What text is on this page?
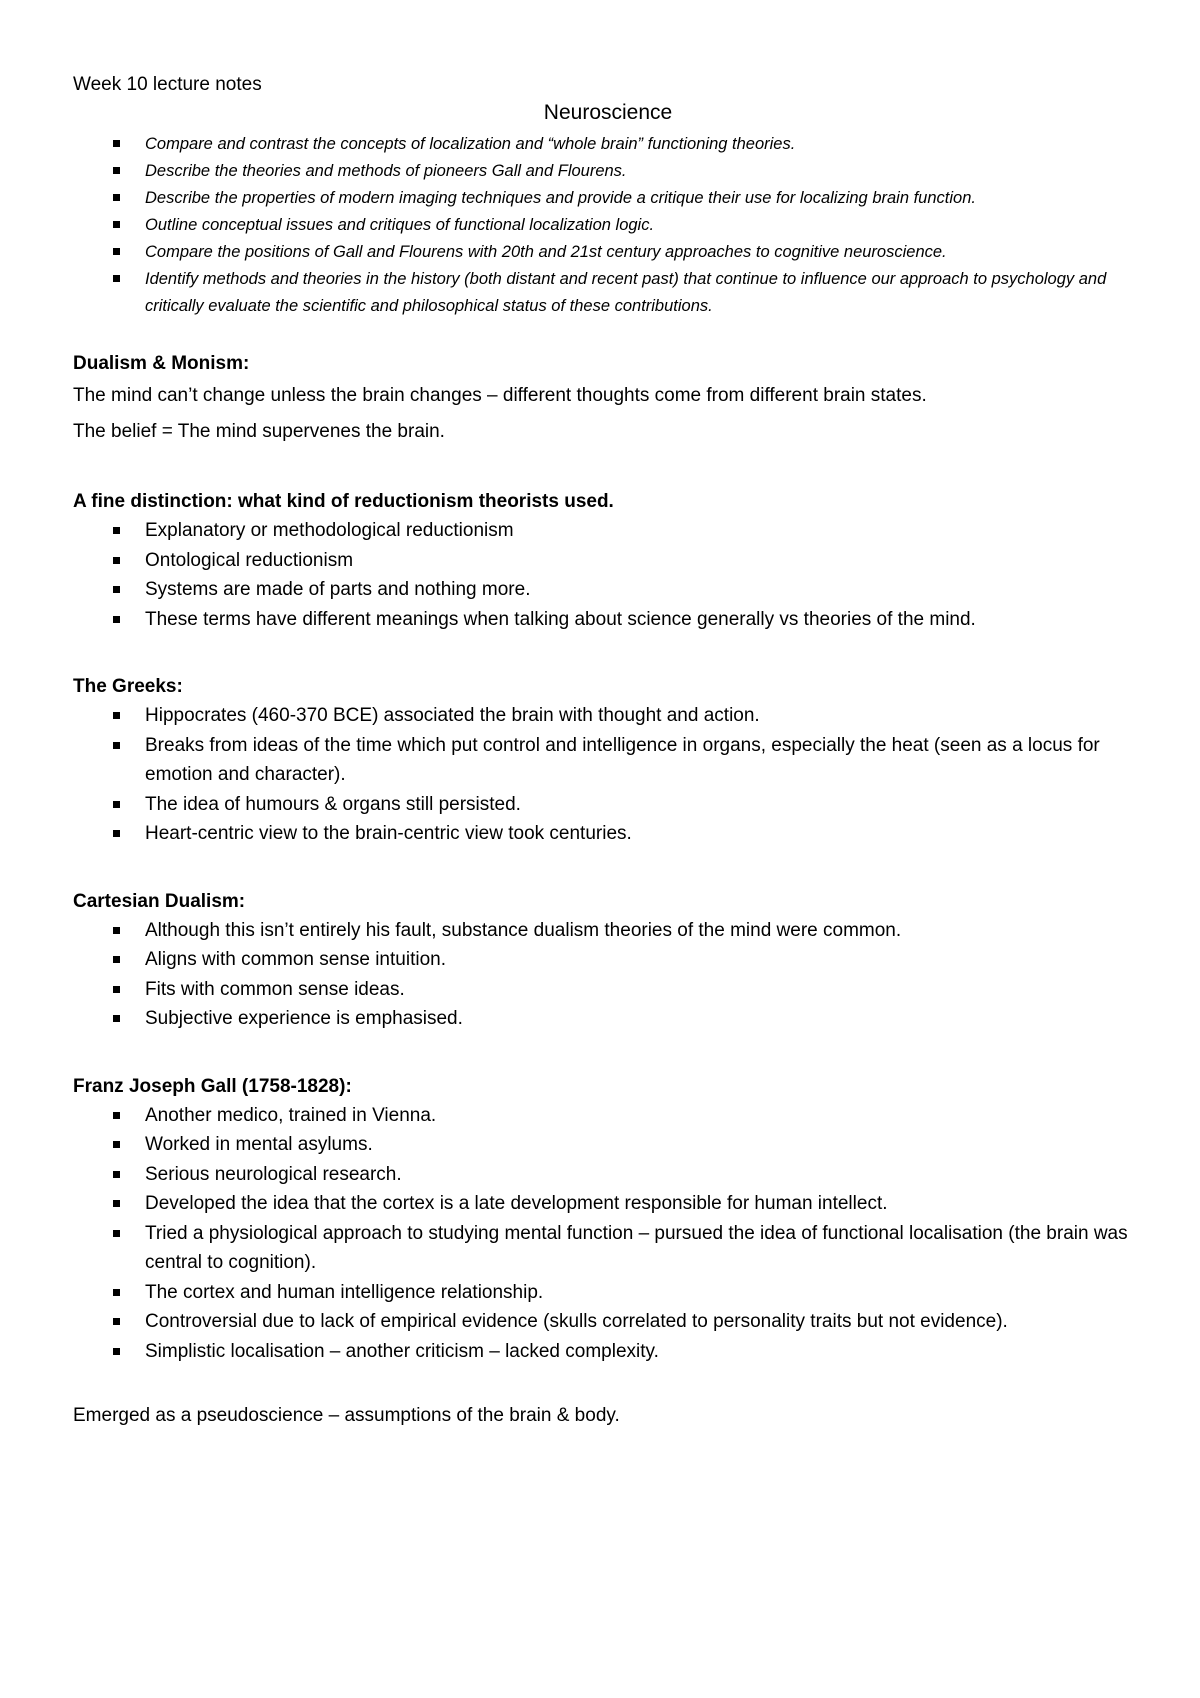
Week 10 lecture notes

Neuroscience
Compare and contrast the concepts of localization and “whole brain” functioning theories.
Describe the theories and methods of pioneers Gall and Flourens.
Describe the properties of modern imaging techniques and provide a critique their use for localizing brain function.
Outline conceptual issues and critiques of functional localization logic.
Compare the positions of Gall and Flourens with 20th and 21st century approaches to cognitive neuroscience.
Identify methods and theories in the history (both distant and recent past) that continue to influence our approach to psychology and critically evaluate the scientific and philosophical status of these contributions.

Dualism & Monism:

The mind can’t change unless the brain changes – different thoughts come from different brain states.

The belief = The mind supervenes the brain.

A fine distinction: what kind of reductionism theorists used.

Explanatory or methodological reductionism
Ontological reductionism
Systems are made of parts and nothing more.
These terms have different meanings when talking about science generally vs theories of the mind.

The Greeks:

Hippocrates (460-370 BCE) associated the brain with thought and action.
Breaks from ideas of the time which put control and intelligence in organs, especially the heat (seen as a locus for emotion and character).
The idea of humours & organs still persisted.
Heart-centric view to the brain-centric view took centuries.

Cartesian Dualism:

Although this isn’t entirely his fault, substance dualism theories of the mind were common.
Aligns with common sense intuition.
Fits with common sense ideas.
Subjective experience is emphasised.

Franz Joseph Gall (1758-1828):

Another medico, trained in Vienna.
Worked in mental asylums.
Serious neurological research.
Developed the idea that the cortex is a late development responsible for human intellect.
Tried a physiological approach to studying mental function – pursued the idea of functional localisation (the brain was central to cognition).
The cortex and human intelligence relationship.
Controversial due to lack of empirical evidence (skulls correlated to personality traits but not evidence).
Simplistic localisation – another criticism – lacked complexity.

Emerged as a pseudoscience – assumptions of the brain & body.
